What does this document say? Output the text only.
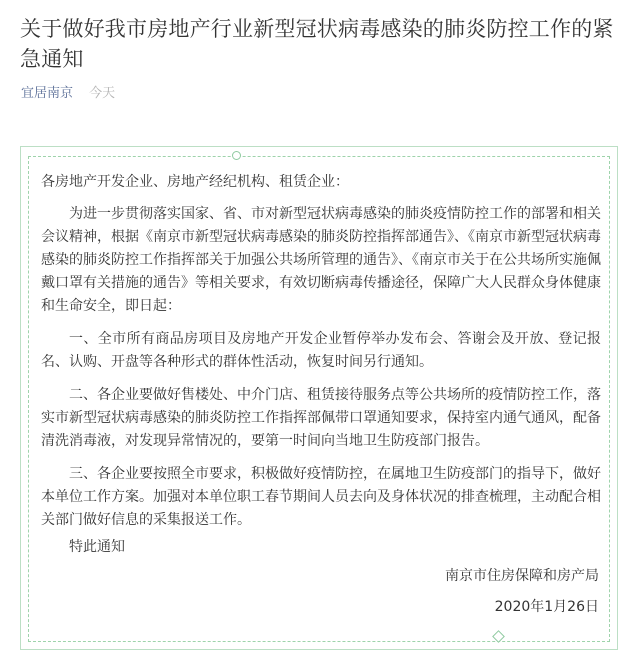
关于做好我市房地产行业新型冠状病毒感染的肺炎防控工作的紧急通知
宜居南京 今天

各房地产开发企业、房地产经纪机构、租赁企业：

为进一步贯彻落实国家、省、市对新型冠状病毒感染的肺炎疫情防控工作的部署和相关会议精神，根据《南京市新型冠状病毒感染的肺炎防控指挥部通告》、《南京市新型冠状病毒感染的肺炎防控工作指挥部关于加强公共场所管理的通告》、《南京市关于在公共场所实施佩戴口罩有关措施的通告》等相关要求，有效切断病毒传播途径，保障广大人民群众身体健康和生命安全，即日起：

一、全市所有商品房项目及房地产开发企业暂停举办发布会、答谢会及开放、登记报名、认购、开盘等各种形式的群体性活动，恢复时间另行通知。

二、各企业要做好售楼处、中介门店、租赁接待服务点等公共场所的疫情防控工作，落实市新型冠状病毒感染的肺炎防控工作指挥部佩带口罩通知要求，保持室内通气通风，配备清洗消毒液，对发现异常情况的，要第一时间向当地卫生防疫部门报告。

三、各企业要按照全市要求，积极做好疫情防控，在属地卫生防疫部门的指导下，做好本单位工作方案。加强对本单位职工春节期间人员去向及身体状况的排查梳理，主动配合相关部门做好信息的采集报送工作。

特此通知
南京市住房保障和房产局
2020年1月26日
